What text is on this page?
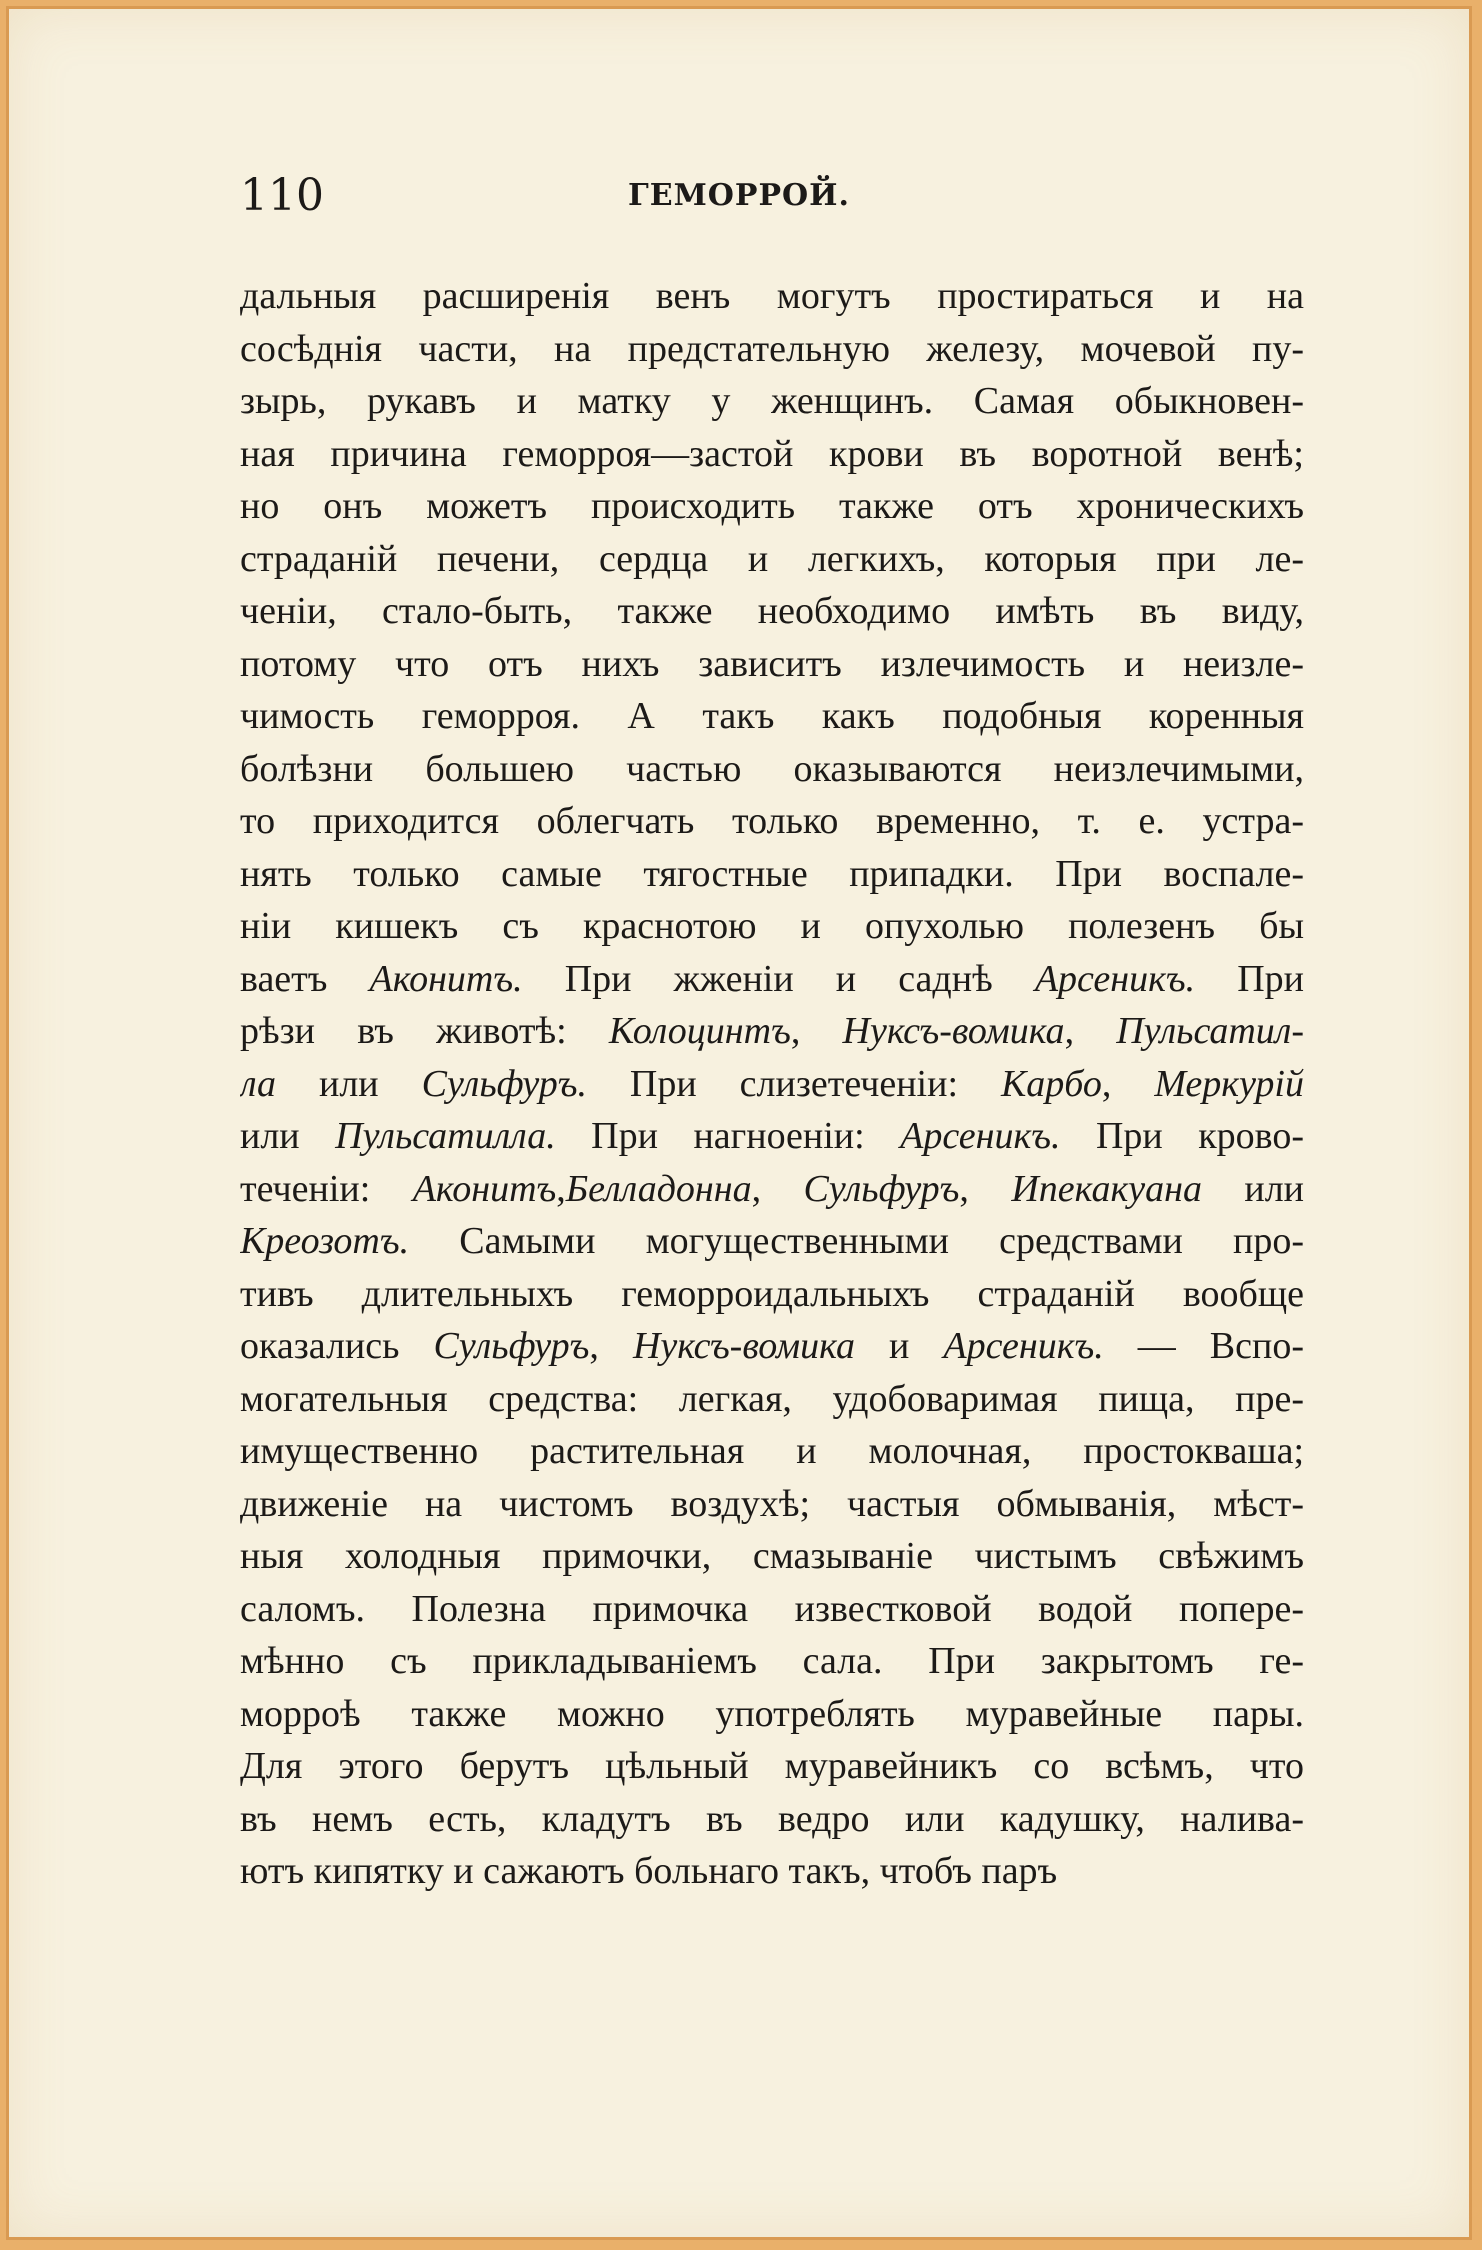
110	ГЕМОРРОЙ.
дальныя расширенія венъ могутъ простираться и на
сосѣднія части, на предстательную железу, мочевой пу-
зырь, рукавъ и матку у женщинъ. Самая обыкновен-
ная причина геморроя—застой крови въ воротной венѣ;
но онъ можетъ происходить также отъ хроническихъ
страданій печени, сердца и легкихъ, которыя при ле-
ченіи, стало-быть, также необходимо имѣть въ виду,
потому что отъ нихъ зависитъ излечимость и неизле-
чимость геморроя. А такъ какъ подобныя коренныя
болѣзни большею частью оказываются неизлечимыми,
то приходится облегчать только временно, т. е. устра-
нять только самые тягостные припадки. При воспале-
ніи кишекъ съ краснотою и опухолью полезенъ бы
ваетъ Аконитъ. При жженіи и саднѣ Арсеникъ. При
рѣзи въ животѣ: Колоцинтъ, Нуксъ-вомика, Пульсатил-
ла или Сульфуръ. При слизетеченіи: Карбо, Меркурій
или Пульсатилла. При нагноеніи: Арсеникъ. При крово-
теченіи: Аконитъ,Белладонна, Сульфуръ, Ипекакуана или
Креозотъ. Самыми могущественными средствами про-
тивъ длительныхъ геморроидальныхъ страданій вообще
оказались Сульфуръ, Нуксъ-вомика и Арсеникъ. — Вспо-
могательныя средства: легкая, удобоваримая пища, пре-
имущественно растительная и молочная, простокваша;
движеніе на чистомъ воздухѣ; частыя обмыванія, мѣст-
ныя холодныя примочки, смазываніе чистымъ свѣжимъ
саломъ. Полезна примочка известковой водой попере-
мѣнно съ прикладываніемъ сала. При закрытомъ ге-
морроѣ также можно употреблять муравейные пары.
Для этого берутъ цѣльный муравейникъ со всѣмъ, что
въ немъ есть, кладутъ въ ведро или кадушку, налива-
ютъ кипятку и сажаютъ больнаго такъ, чтобъ паръ
